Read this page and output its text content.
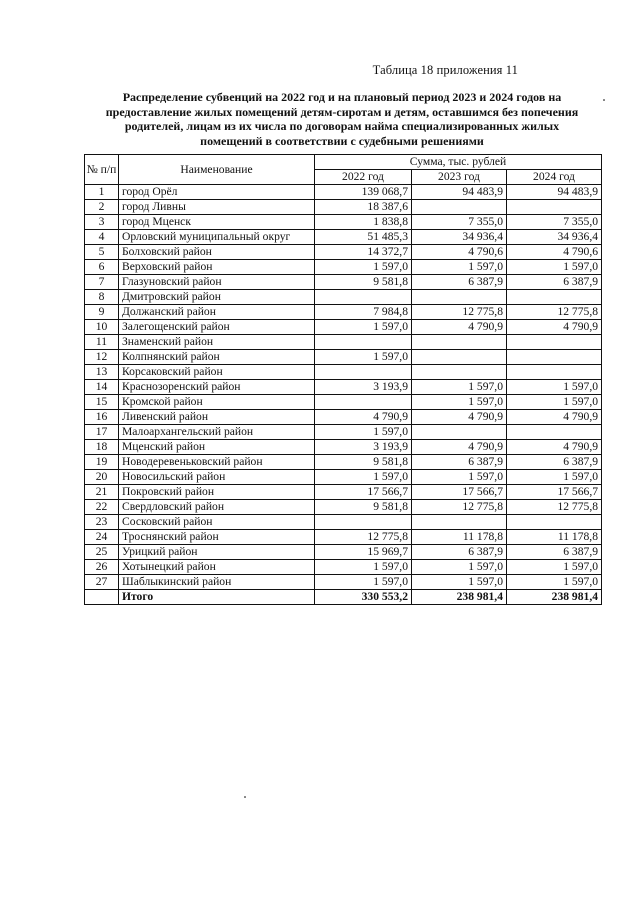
Таблица 18 приложения 11
Распределение субвенций на 2022 год и на плановый период 2023 и 2024 годов на
предоставление жилых помещений детям-сиротам и детям, оставшимся без попечения
родителей, лицам из их числа по договорам найма специализированных жилых
помещений в соответствии с судебными решениями
№ п/п	Наименование	Сумма, тыс. рублей		
		2022 год	2023 год	2024 год
1	город Орёл	139 068,7	94 483,9	94 483,9
2	город Ливны	18 387,6		
3	город Мценск	1 838,8	7 355,0	7 355,0
4	Орловский муниципальный округ	51 485,3	34 936,4	34 936,4
5	Болховский район	14 372,7	4 790,6	4 790,6
6	Верховский район	1 597,0	1 597,0	1 597,0
7	Глазуновский район	9 581,8	6 387,9	6 387,9
8	Дмитровский район			
9	Должанский район	7 984,8	12 775,8	12 775,8
10	Залегощенский район	1 597,0	4 790,9	4 790,9
11	Знаменский район			
12	Колпнянский район	1 597,0		
13	Корсаковский район			
14	Краснозоренский район	3 193,9	1 597,0	1 597,0
15	Кромской район		1 597,0	1 597,0
16	Ливенский район	4 790,9	4 790,9	4 790,9
17	Малоархангельский район	1 597,0		
18	Мценский район	3 193,9	4 790,9	4 790,9
19	Новодеревеньковский район	9 581,8	6 387,9	6 387,9
20	Новосильский район	1 597,0	1 597,0	1 597,0
21	Покровский район	17 566,7	17 566,7	17 566,7
22	Свердловский район	9 581,8	12 775,8	12 775,8
23	Сосковский район			
24	Троснянский район	12 775,8	11 178,8	11 178,8
25	Урицкий район	15 969,7	6 387,9	6 387,9
26	Хотынецкий район	1 597,0	1 597,0	1 597,0
27	Шаблыкинский район	1 597,0	1 597,0	1 597,0
	Итого	330 553,2	238 981,4	238 981,4
